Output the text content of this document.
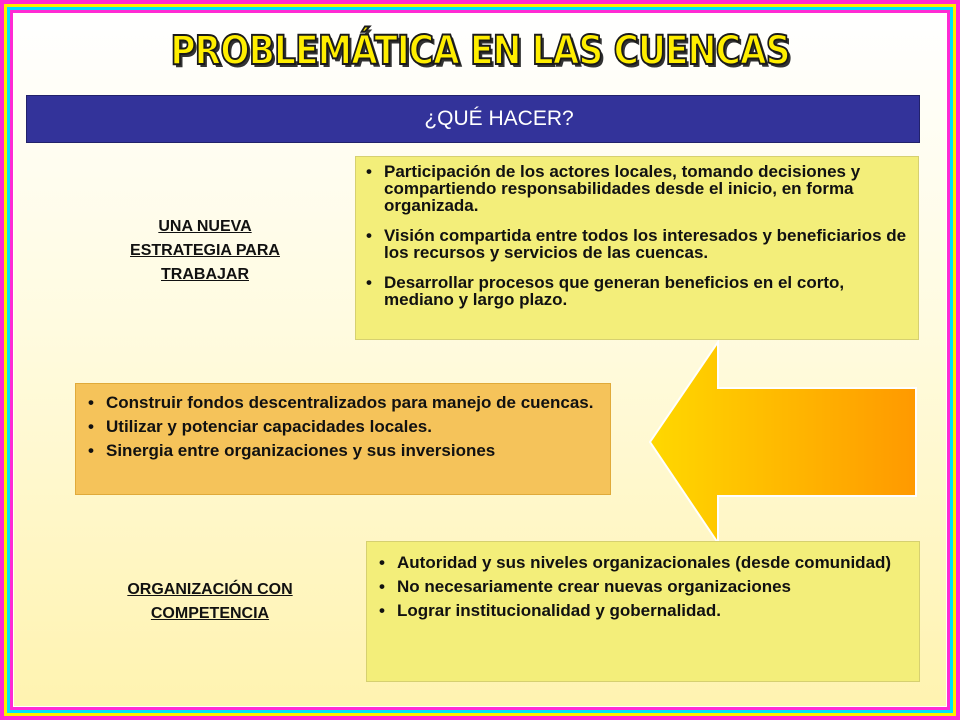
PROBLEMÁTICA EN LAS CUENCAS
¿QUÉ HACER?
UNA NUEVA
ESTRATEGIA PARA
TRABAJAR
• Participación de los actores locales, tomando decisiones y compartiendo responsabilidades desde el inicio, en forma organizada.
• Visión compartida entre todos los interesados y beneficiarios de los recursos y servicios de las cuencas.
• Desarrollar procesos que generan beneficios en el corto, mediano y largo plazo.
• Construir fondos descentralizados para manejo de cuencas.
• Utilizar y potenciar capacidades locales.
• Sinergia entre organizaciones y sus inversiones
ORGANIZACIÓN CON
COMPETENCIA
• Autoridad y sus niveles organizacionales (desde comunidad)
• No necesariamente crear nuevas organizaciones
• Lograr institucionalidad y gobernalidad.
